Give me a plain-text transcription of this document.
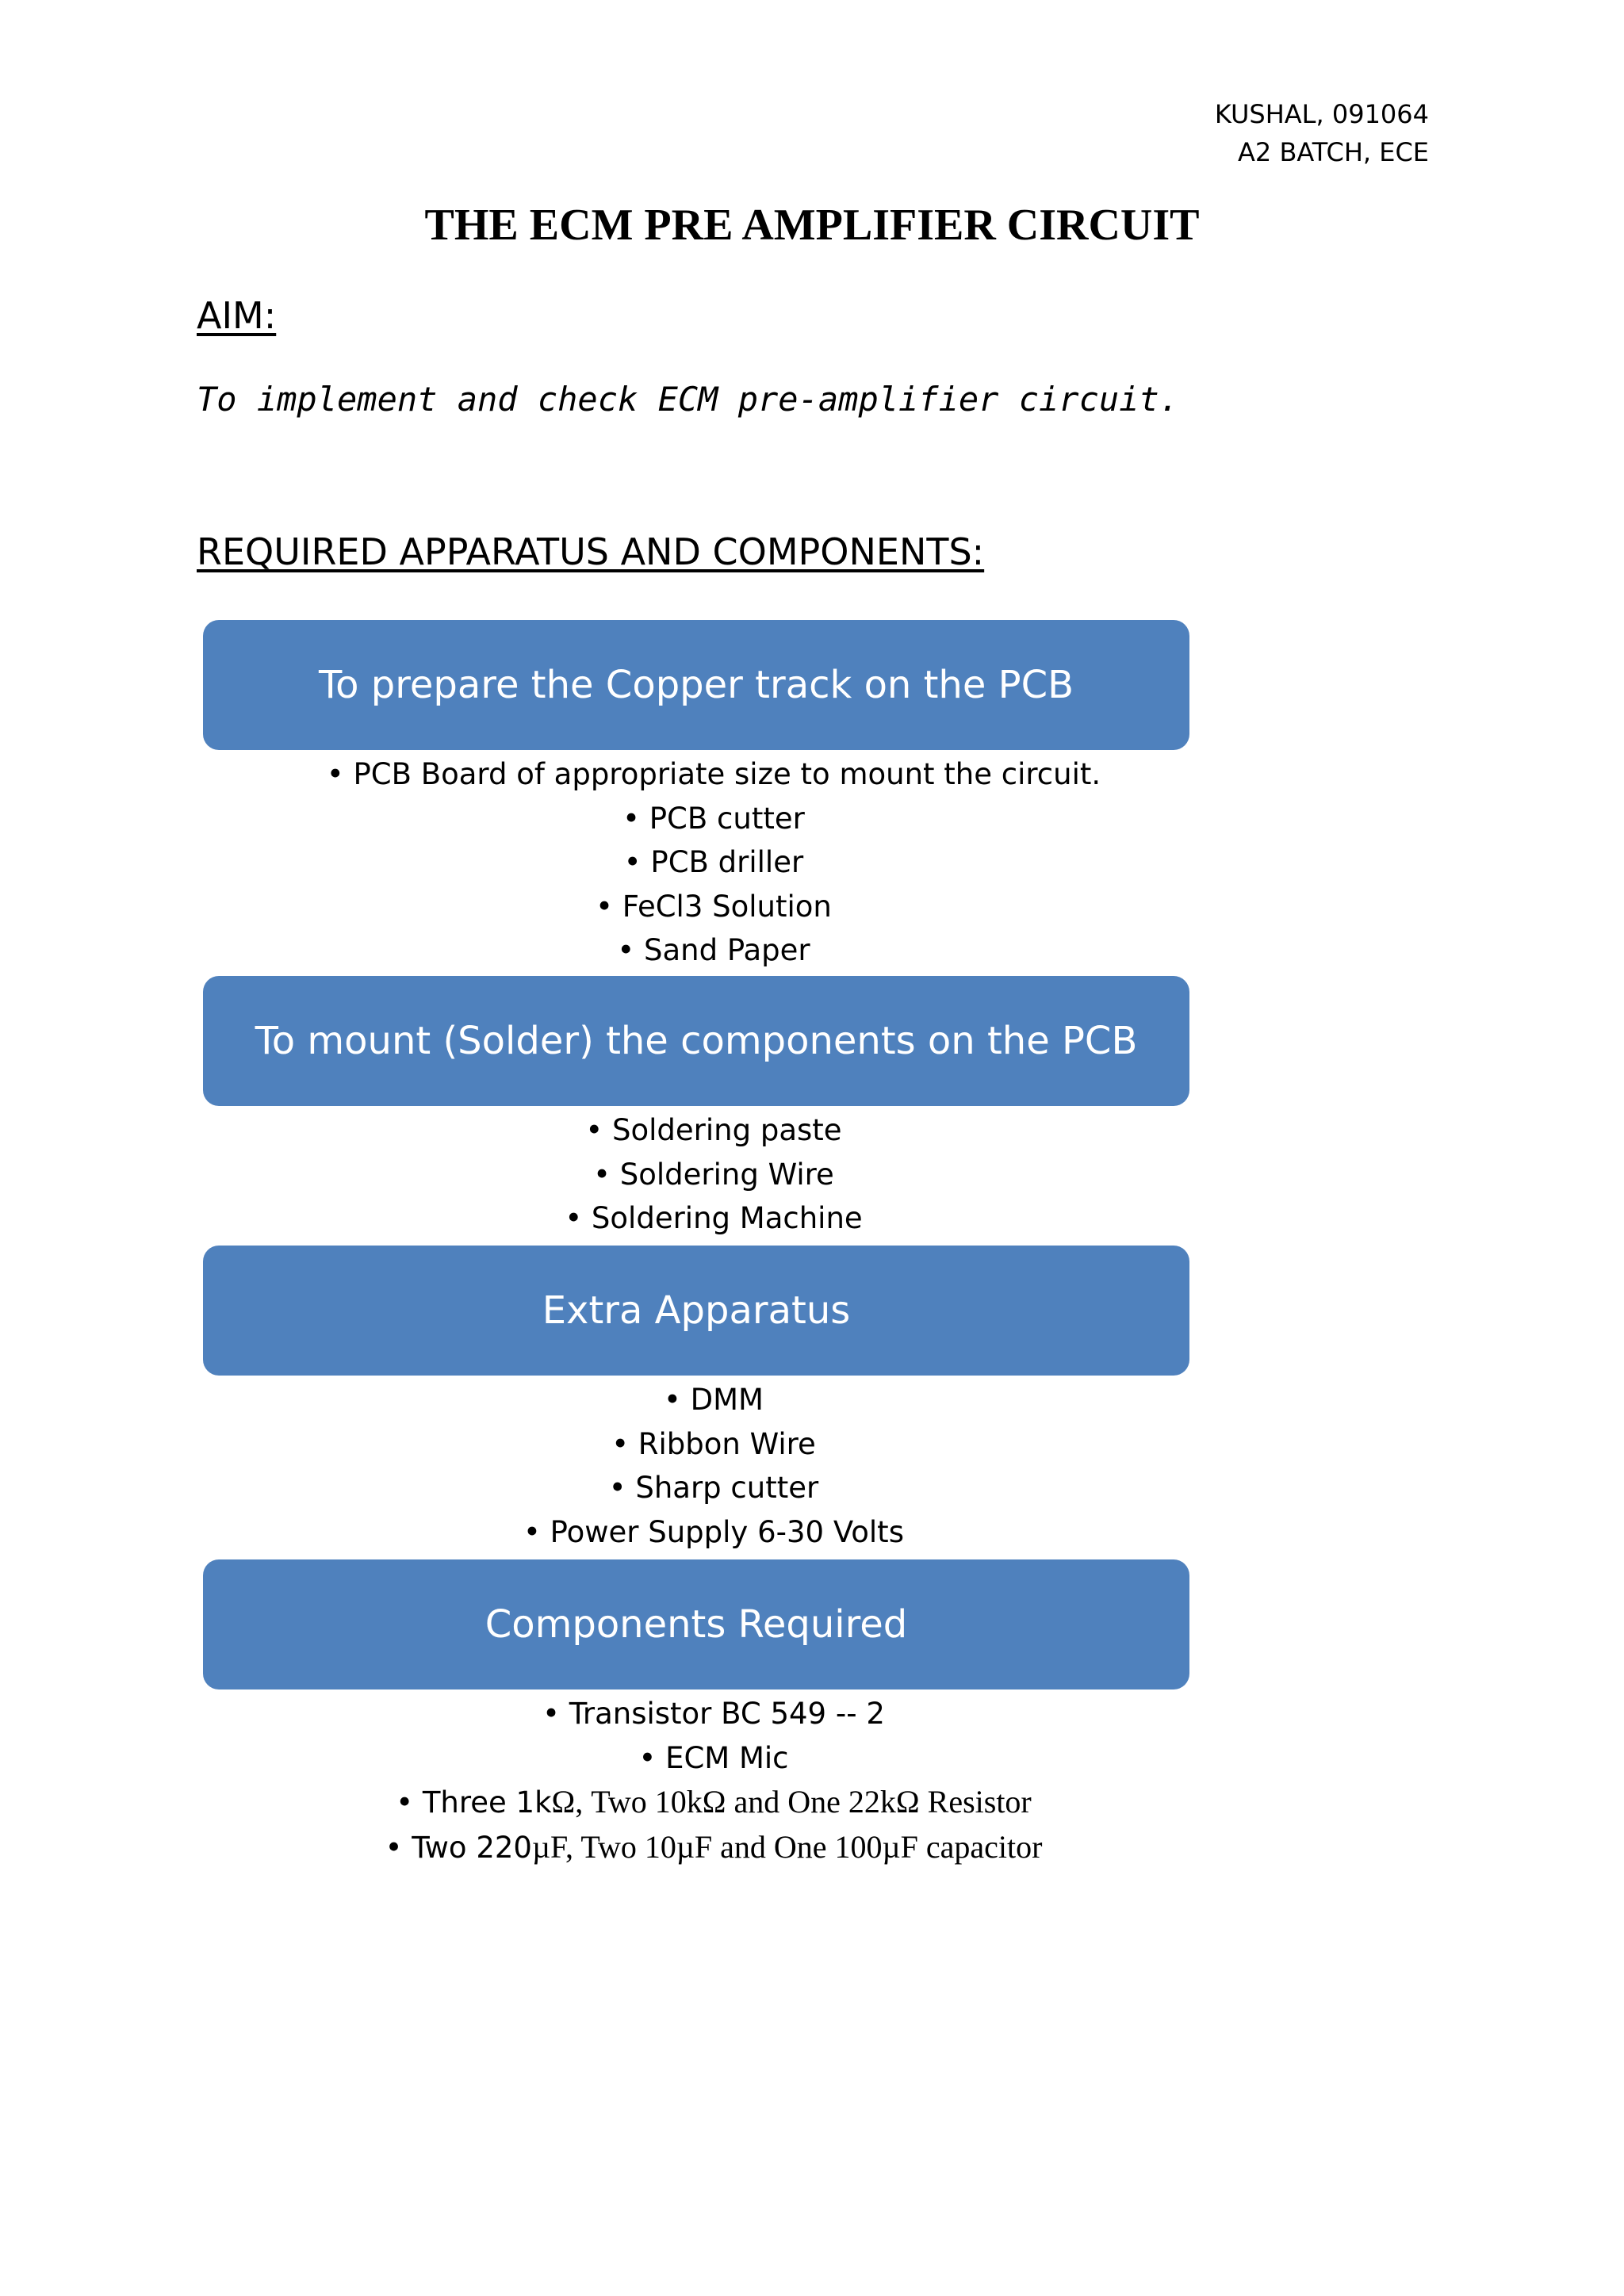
KUSHAL, 091064
A2 BATCH, ECE
THE ECM PRE AMPLIFIER CIRCUIT
AIM:

To implement and check ECM pre-amplifier circuit.

REQUIRED APPARATUS AND COMPONENTS:
To prepare the Copper track on the PCB
• PCB Board of appropriate size to mount the circuit.
• PCB cutter
• PCB driller
• FeCl3 Solution
• Sand Paper
To mount (Solder) the components on the PCB
• Soldering paste
• Soldering Wire
• Soldering Machine
Extra Apparatus
• DMM
• Ribbon Wire
• Sharp cutter
• Power Supply 6-30 Volts
Components Required
• Transistor BC 549 -- 2
• ECM Mic
• Three 1kΩ, Two 10kΩ and One 22kΩ Resistor
• Two 220µF, Two 10µF and One 100µF capacitor
